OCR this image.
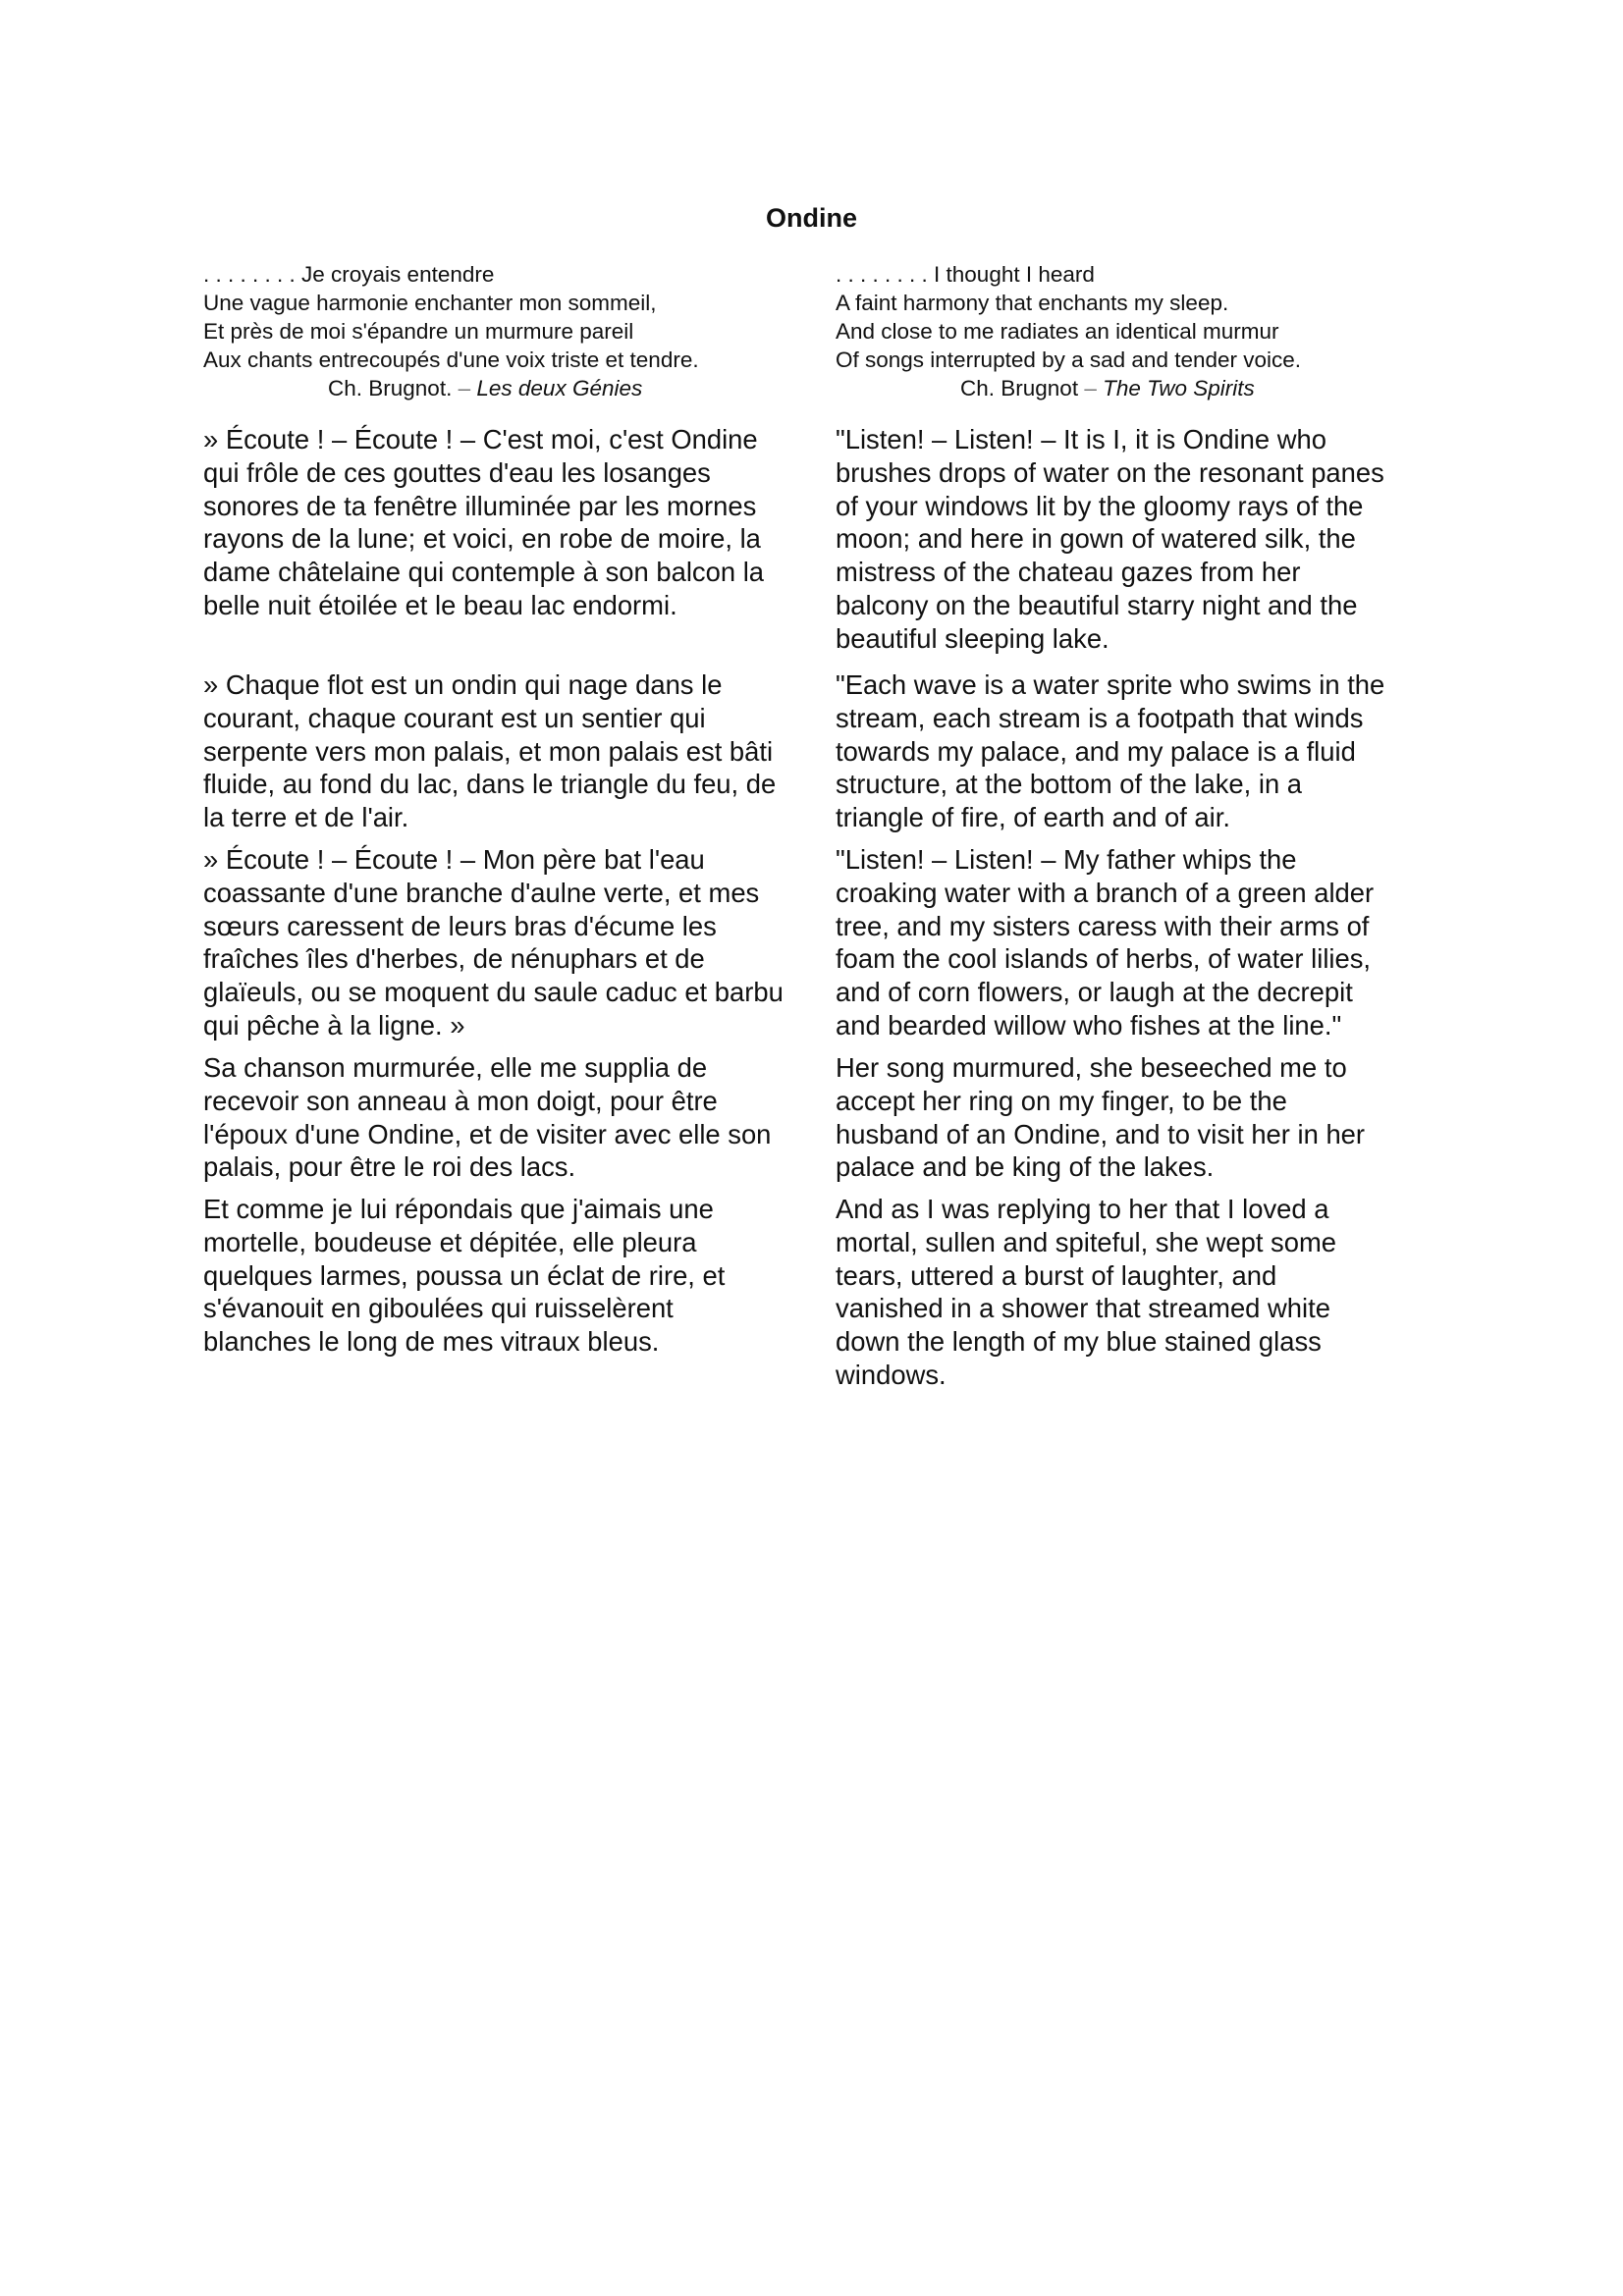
Ondine
. . . . . . . . Je croyais entendre
Une vague harmonie enchanter mon sommeil,
Et près de moi s'épandre un murmure pareil
Aux chants entrecoupés d'une voix triste et tendre.
Ch. Brugnot. – Les deux Génies
» Écoute ! – Écoute ! – C'est moi, c'est Ondine
qui frôle de ces gouttes d'eau les losanges
sonores de ta fenêtre illuminée par les mornes
rayons de la lune; et voici, en robe de moire, la
dame châtelaine qui contemple à son balcon la
belle nuit étoilée et le beau lac endormi.
» Chaque flot est un ondin qui nage dans le
courant, chaque courant est un sentier qui
serpente vers mon palais, et mon palais est bâti
fluide, au fond du lac, dans le triangle du feu, de
la terre et de l'air.
» Écoute ! – Écoute ! – Mon père bat l'eau
coassante d'une branche d'aulne verte, et mes
sœurs caressent de leurs bras d'écume les
fraîches îles d'herbes, de nénuphars et de
glaïeuls, ou se moquent du saule caduc et barbu
qui pêche à la ligne. »
Sa chanson murmurée, elle me supplia de
recevoir son anneau à mon doigt, pour être
l'époux d'une Ondine, et de visiter avec elle son
palais, pour être le roi des lacs.
Et comme je lui répondais que j'aimais une
mortelle, boudeuse et dépitée, elle pleura
quelques larmes, poussa un éclat de rire, et
s'évanouit en giboulées qui ruisselèrent
blanches le long de mes vitraux bleus.
. . . . . . . . I thought I heard
A faint harmony that enchants my sleep.
And close to me radiates an identical murmur
Of songs interrupted by a sad and tender voice.
Ch. Brugnot – The Two Spirits
"Listen! – Listen! – It is I, it is Ondine who
brushes drops of water on the resonant panes
of your windows lit by the gloomy rays of the
moon; and here in gown of watered silk, the
mistress of the chateau gazes from her
balcony on the beautiful starry night and the
beautiful sleeping lake.
"Each wave is a water sprite who swims in the
stream, each stream is a footpath that winds
towards my palace, and my palace is a fluid
structure, at the bottom of the lake, in a
triangle of fire, of earth and of air.
"Listen! – Listen! – My father whips the
croaking water with a branch of a green alder
tree, and my sisters caress with their arms of
foam the cool islands of herbs, of water lilies,
and of corn flowers, or laugh at the decrepit
and bearded willow who fishes at the line."
Her song murmured, she beseeched me to
accept her ring on my finger, to be the
husband of an Ondine, and to visit her in her
palace and be king of the lakes.
And as I was replying to her that I loved a
mortal, sullen and spiteful, she wept some
tears, uttered a burst of laughter, and
vanished in a shower that streamed white
down the length of my blue stained glass
windows.
